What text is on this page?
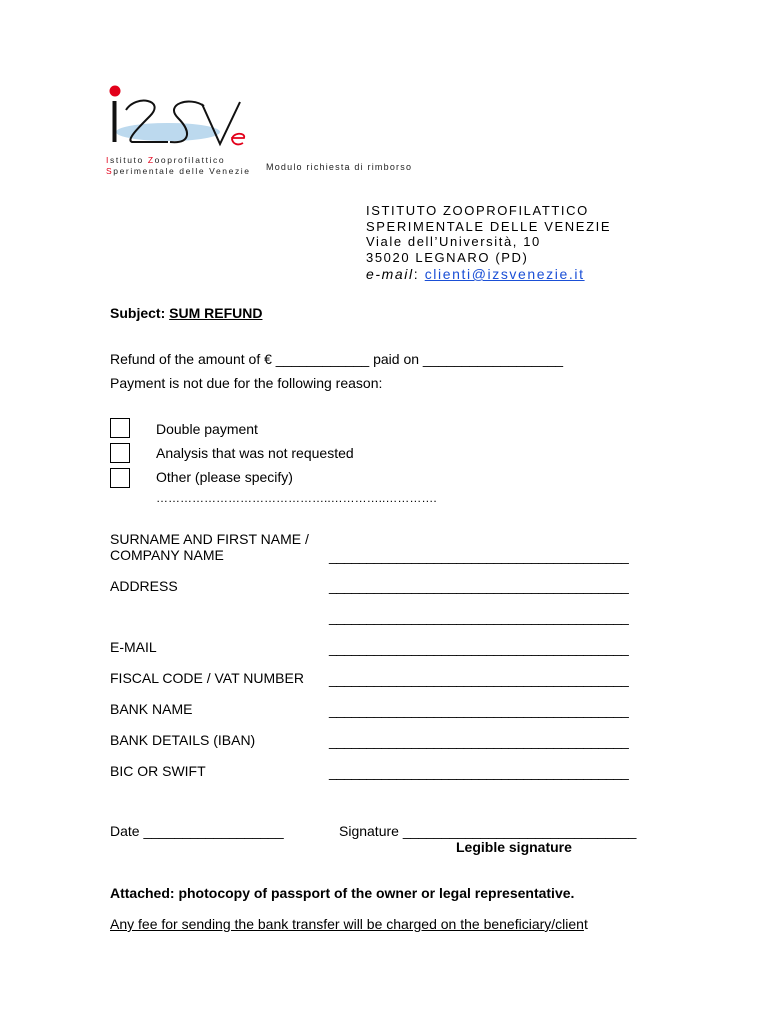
Istituto Zooprofilattico
Sperimentale delle Venezie	Modulo richiesta di rimborso
ISTITUTO ZOOPROFILATTICO
SPERIMENTALE DELLE VENEZIE
Viale dell’Università, 10
35020 LEGNARO (PD)
e-mail: clienti@izsvenezie.it
Subject: SUM REFUND
Refund of the amount of € ____________ paid on __________________
Payment is not due for the following reason:
Double payment
Analysis that was not requested
Other (please specify)
……………………………………..…………..………….
SURNAME AND FIRST NAME /
COMPANY NAME	________________________________________
ADDRESS	________________________________________
________________________________________
E-MAIL	________________________________________
FISCAL CODE / VAT NUMBER ________________________________________
BANK NAME	________________________________________
BANK DETAILS (IBAN)	________________________________________
BIC OR SWIFT	________________________________________
Date __________________	Signature ______________________________
Legible signature
Attached: photocopy of passport of the owner or legal representative.
Any fee for sending the bank transfer will be charged on the beneficiary/client
